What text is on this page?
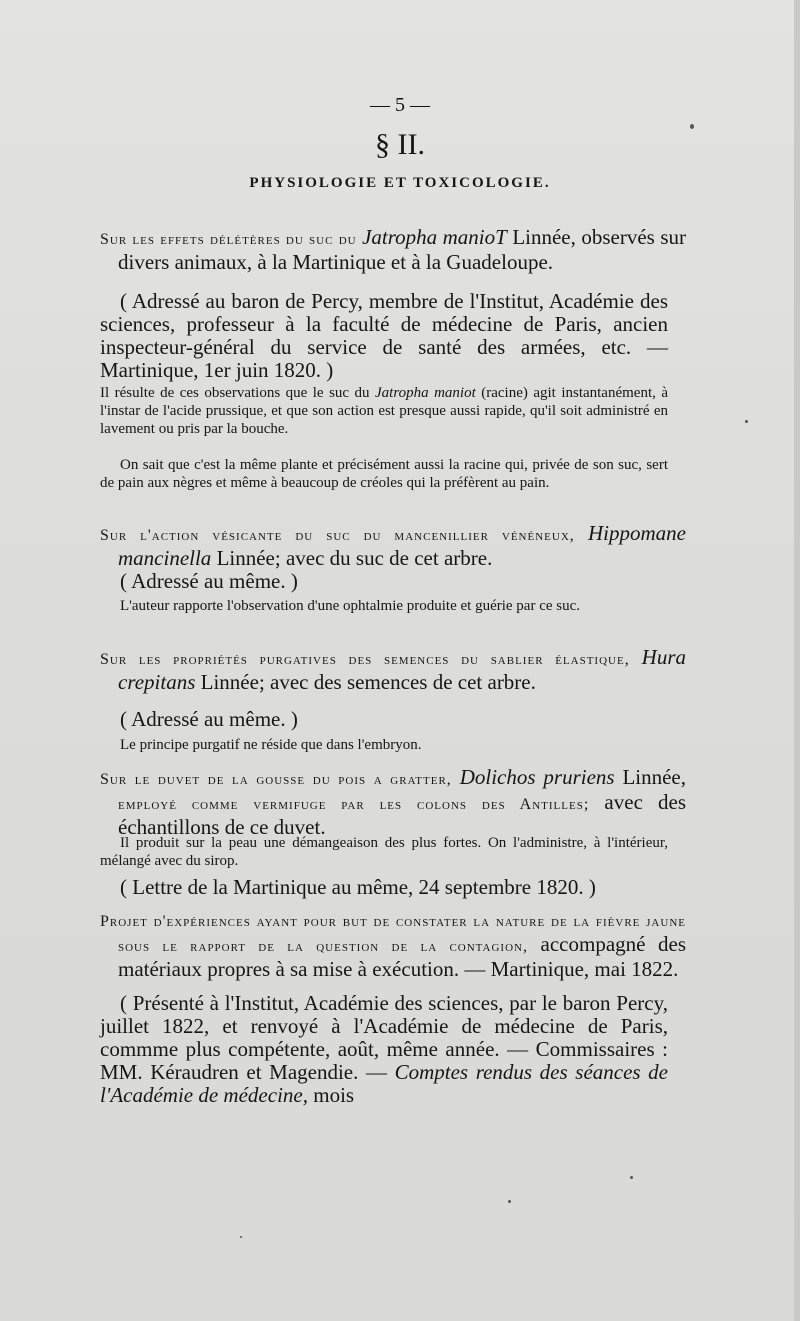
— 5 —
§ II.
PHYSIOLOGIE ET TOXICOLOGIE.

Sur les effets délétères du suc du Jatropha manioT Linnée, observés sur divers animaux, à la Martinique et à la Guadeloupe.

( Adressé au baron de Percy, membre de l'Institut, Académie des sciences, professeur à la faculté de médecine de Paris, ancien inspecteur-général du service de santé des armées, etc. — Martinique, 1er juin 1820. )

Il résulte de ces observations que le suc du Jatropha maniot (racine) agit instantanément, à l'instar de l'acide prussique, et que son action est presque aussi rapide, qu'il soit administré en lavement ou pris par la bouche.

On sait que c'est la même plante et précisément aussi la racine qui, privée de son suc, sert de pain aux nègres et même à beaucoup de créoles qui la préfèrent au pain.

Sur l'action vésicante du suc du mancenillier vénéneux, Hippomane mancinella Linnée; avec du suc de cet arbre.

( Adressé au même. )

L'auteur rapporte l'observation d'une ophtalmie produite et guérie par ce suc.

Sur les propriétés purgatives des semences du sablier élastique, Hura crepitans Linnée; avec des semences de cet arbre.

( Adressé au même. )

Le principe purgatif ne réside que dans l'embryon.

Sur le duvet de la gousse du pois a gratter, Dolichos pruriens Linnée, employé comme vermifuge par les colons des Antilles; avec des échantillons de ce duvet.

Il produit sur la peau une démangeaison des plus fortes. On l'administre, à l'intérieur, mélangé avec du sirop.

( Lettre de la Martinique au même, 24 septembre 1820. )

Projet d'expériences ayant pour but de constater la nature de la fièvre jaune sous le rapport de la question de la contagion, accompagné des matériaux propres à sa mise à exécution. — Martinique, mai 1822.

( Présenté à l'Institut, Académie des sciences, par le baron Percy, juillet 1822, et renvoyé à l'Académie de médecine de Paris, commme plus compétente, août, même année. — Commissaires : MM. Kéraudren et Magendie. — Comptes rendus des séances de l'Académie de médecine, mois
